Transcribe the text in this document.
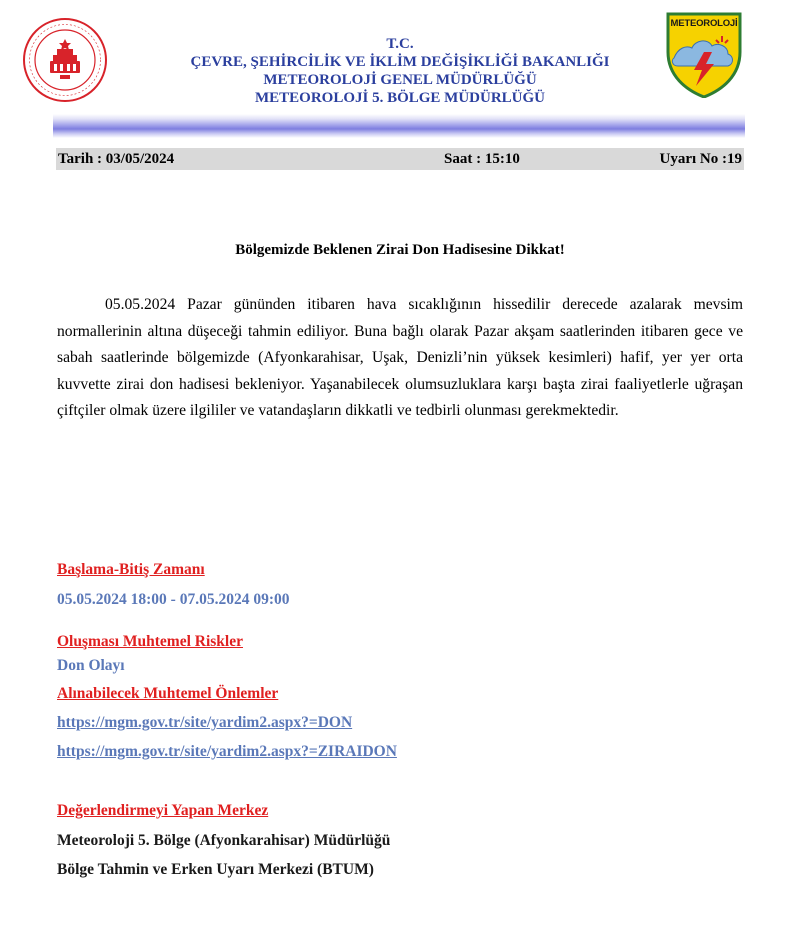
METEOROLOJİ
T.C.
ÇEVRE, ŞEHİRCİLİK VE İKLİM DEĞİŞİKLİĞİ BAKANLIĞI
METEOROLOJİ GENEL MÜDÜRLÜĞÜ
METEOROLOJİ 5. BÖLGE MÜDÜRLÜĞÜ
Tarih : 03/05/2024	Saat : 15:10	Uyarı No :19
Bölgemizde Beklenen Zirai Don Hadisesine Dikkat!
05.05.2024 Pazar gününden itibaren hava sıcaklığının hissedilir derecede azalarak mevsim normallerinin altına düşeceği tahmin ediliyor. Buna bağlı olarak Pazar akşam saatlerinden itibaren gece ve sabah saatlerinde bölgemizde (Afyonkarahisar, Uşak, Denizli’nin yüksek kesimleri) hafif, yer yer orta kuvvette zirai don hadisesi bekleniyor. Yaşanabilecek olumsuzluklara karşı başta zirai faaliyetlerle uğraşan çiftçiler olmak üzere ilgililer ve vatandaşların dikkatli ve tedbirli olunması gerekmektedir.
Başlama-Bitiş Zamanı
05.05.2024 18:00 - 07.05.2024 09:00
Oluşması Muhtemel Riskler
Don Olayı
Alınabilecek Muhtemel Önlemler
https://mgm.gov.tr/site/yardim2.aspx?=DON
https://mgm.gov.tr/site/yardim2.aspx?=ZIRAIDON
Değerlendirmeyi Yapan Merkez
Meteoroloji 5. Bölge (Afyonkarahisar) Müdürlüğü
Bölge Tahmin ve Erken Uyarı Merkezi (BTUM)
